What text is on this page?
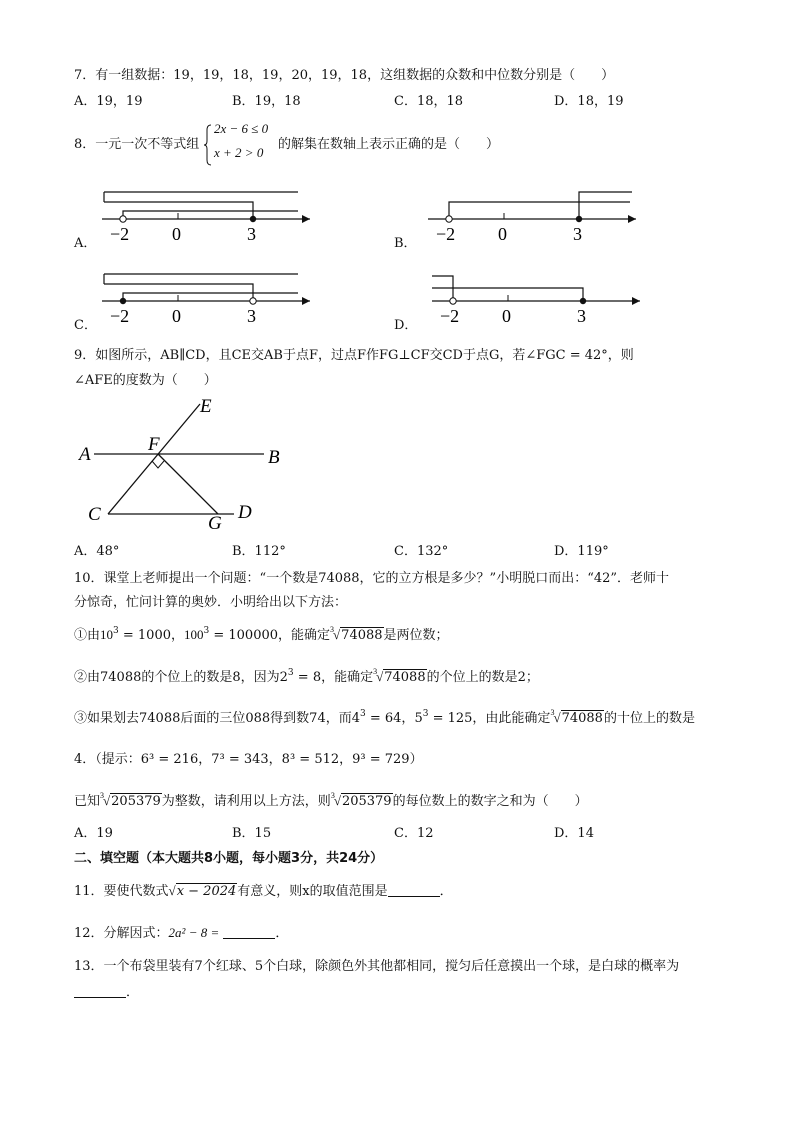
7．有一组数据：19，19，18，19，20，19，18，这组数据的众数和中位数分别是（　　）
A．19，19	B．19，18	C．18，18	D．18，19
8．一元一次不等式组
2x − 6 ≤ 0
x + 2 > 0
的解集在数轴上表示正确的是（　　）
A． −2 0	3	B． −2 0	3
C． −2 0	3	D． −2 0	3
9．如图所示，AB∥CD，且CE交AB于点F，过点F作FG⊥CF交CD于点G，若∠FGC = 42°，则
∠AFE的度数为（　　）
A	B
C	D
E
F
G
A．48°	B．112°	C．132°	D．119°
10．课堂上老师提出一个问题：“一个数是74088，它的立方根是多少？”小明脱口而出：“42”．老师十
分惊奇，忙问计算的奥妙．小明给出以下方法：
①由$10^3 = 1000$，$100^3 = 100000$，能确定$^3$√74088是两位数；
②由74088的个位上的数是8，因为$2^3 = 8$，能确定$^3$√74088的个位上的数是2；
③如果划去74088后面的三位088得到数74，而$4^3 = 64$，$5^3 = 125$，由此能确定$^3$√74088的十位上的数是
4．（提示：6³ = 216，7³ = 343，8³ = 512，9³ = 729）
已知$^3$√205379为整数，请利用以上方法，则$^3$√205379的每位数上的数字之和为（　　）
A．19	B．15	C．12	D．14
二、填空题（本大题共8小题，每小题3分，共24分）
11．要使代数式√x − 2024有意义，则x的取值范围是	．
12．分解因式：2a² − 8 =	．
13．一个布袋里装有7个红球、5个白球，除颜色外其他都相同，搅匀后任意摸出一个球，是白球的概率为
．
